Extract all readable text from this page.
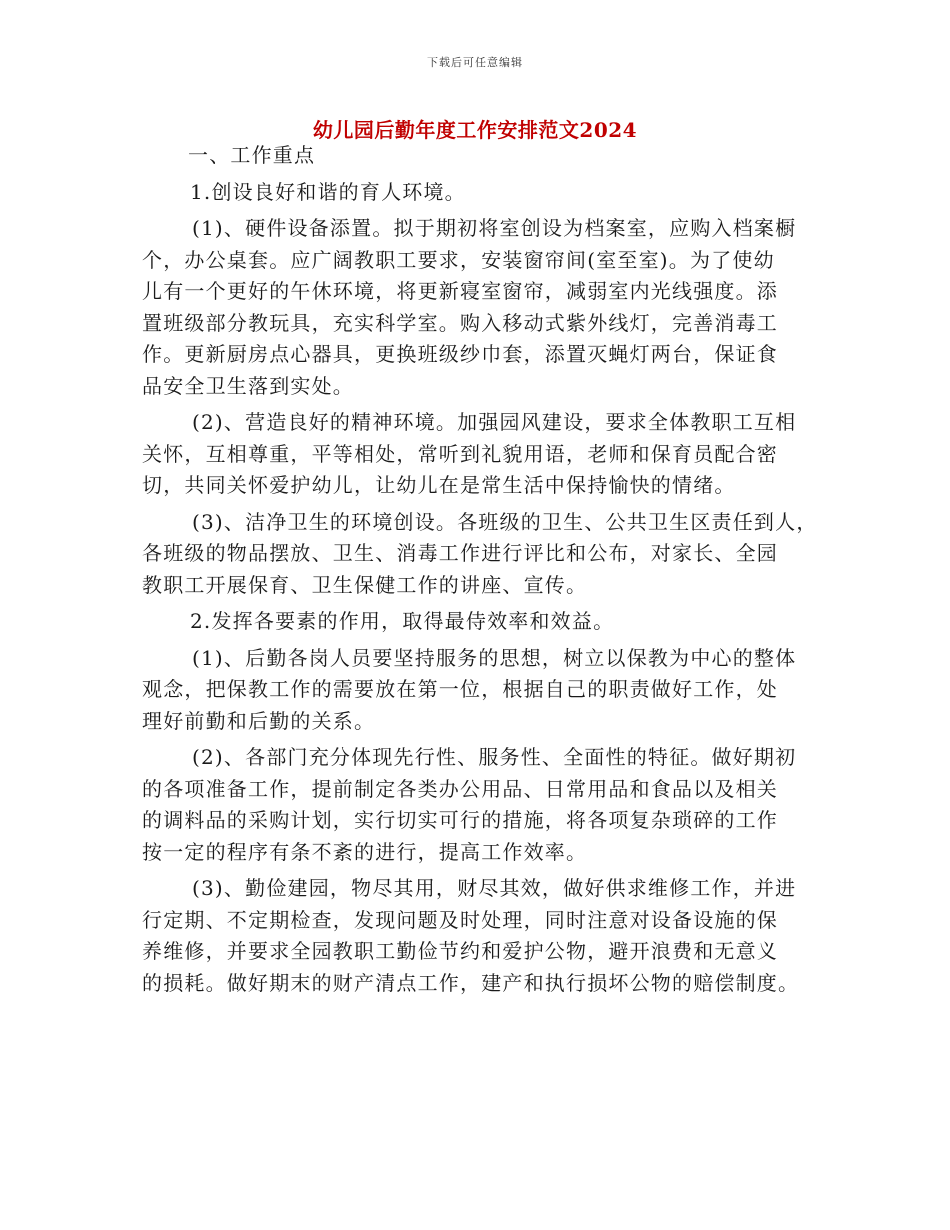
下载后可任意编辑
幼儿园后勤年度工作安排范文2024
一、工作重点
1.创设良好和谐的育人环境。
(1)、硬件设备添置。拟于期初将室创设为档案室，应购入档案橱
个，办公桌套。应广阔教职工要求，安装窗帘间(室至室)。为了使幼
儿有一个更好的午休环境，将更新寝室窗帘，减弱室内光线强度。添
置班级部分教玩具，充实科学室。购入移动式紫外线灯，完善消毒工
作。更新厨房点心器具，更换班级纱巾套，添置灭蝇灯两台，保证食
品安全卫生落到实处。
(2)、营造良好的精神环境。加强园风建设，要求全体教职工互相
关怀，互相尊重，平等相处，常听到礼貌用语，老师和保育员配合密
切，共同关怀爱护幼儿，让幼儿在是常生活中保持愉快的情绪。
(3)、洁净卫生的环境创设。各班级的卫生、公共卫生区责任到人，
各班级的物品摆放、卫生、消毒工作进行评比和公布，对家长、全园
教职工开展保育、卫生保健工作的讲座、宣传。
2.发挥各要素的作用，取得最侍效率和效益。
(1)、后勤各岗人员要坚持服务的思想，树立以保教为中心的整体
观念，把保教工作的需要放在第一位，根据自己的职责做好工作，处
理好前勤和后勤的关系。
(2)、各部门充分体现先行性、服务性、全面性的特征。做好期初
的各项准备工作，提前制定各类办公用品、日常用品和食品以及相关
的调料品的采购计划，实行切实可行的措施，将各项复杂琐碎的工作
按一定的程序有条不紊的进行，提高工作效率。
(3)、勤俭建园，物尽其用，财尽其效，做好供求维修工作，并进
行定期、不定期检查，发现问题及时处理，同时注意对设备设施的保
养维修，并要求全园教职工勤俭节约和爱护公物，避开浪费和无意义
的损耗。做好期末的财产清点工作，建产和执行损坏公物的赔偿制度。
